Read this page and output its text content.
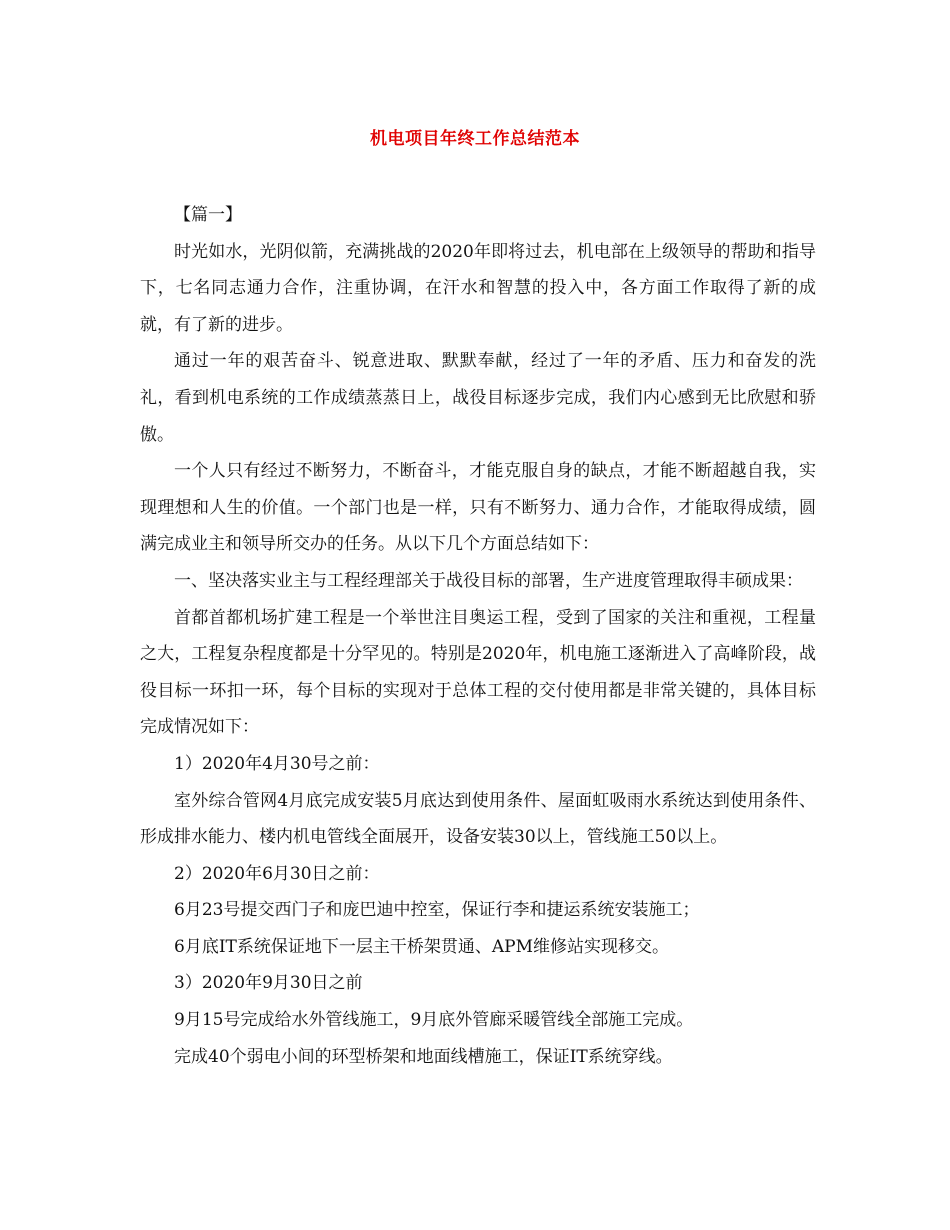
机电项目年终工作总结范本

【篇一】

时光如水，光阴似箭，充满挑战的2020年即将过去，机电部在上级领导的帮助和指导下，七名同志通力合作，注重协调，在汗水和智慧的投入中，各方面工作取得了新的成就，有了新的进步。

通过一年的艰苦奋斗、锐意进取、默默奉献，经过了一年的矛盾、压力和奋发的洗礼，看到机电系统的工作成绩蒸蒸日上，战役目标逐步完成，我们内心感到无比欣慰和骄傲。

一个人只有经过不断努力，不断奋斗，才能克服自身的缺点，才能不断超越自我，实现理想和人生的价值。一个部门也是一样，只有不断努力、通力合作，才能取得成绩，圆满完成业主和领导所交办的任务。从以下几个方面总结如下：

一、坚决落实业主与工程经理部关于战役目标的部署，生产进度管理取得丰硕成果：

首都首都机场扩建工程是一个举世注目奥运工程，受到了国家的关注和重视，工程量之大，工程复杂程度都是十分罕见的。特别是2020年，机电施工逐渐进入了高峰阶段，战役目标一环扣一环，每个目标的实现对于总体工程的交付使用都是非常关键的，具体目标完成情况如下：

1）2020年4月30号之前：

室外综合管网4月底完成安装5月底达到使用条件、屋面虹吸雨水系统达到使用条件、形成排水能力、楼内机电管线全面展开，设备安装30以上，管线施工50以上。

2）2020年6月30日之前：

6月23号提交西门子和庞巴迪中控室，保证行李和捷运系统安装施工；

6月底IT系统保证地下一层主干桥架贯通、APM维修站实现移交。

3）2020年9月30日之前

9月15号完成给水外管线施工，9月底外管廊采暖管线全部施工完成。

完成40个弱电小间的环型桥架和地面线槽施工，保证IT系统穿线。
